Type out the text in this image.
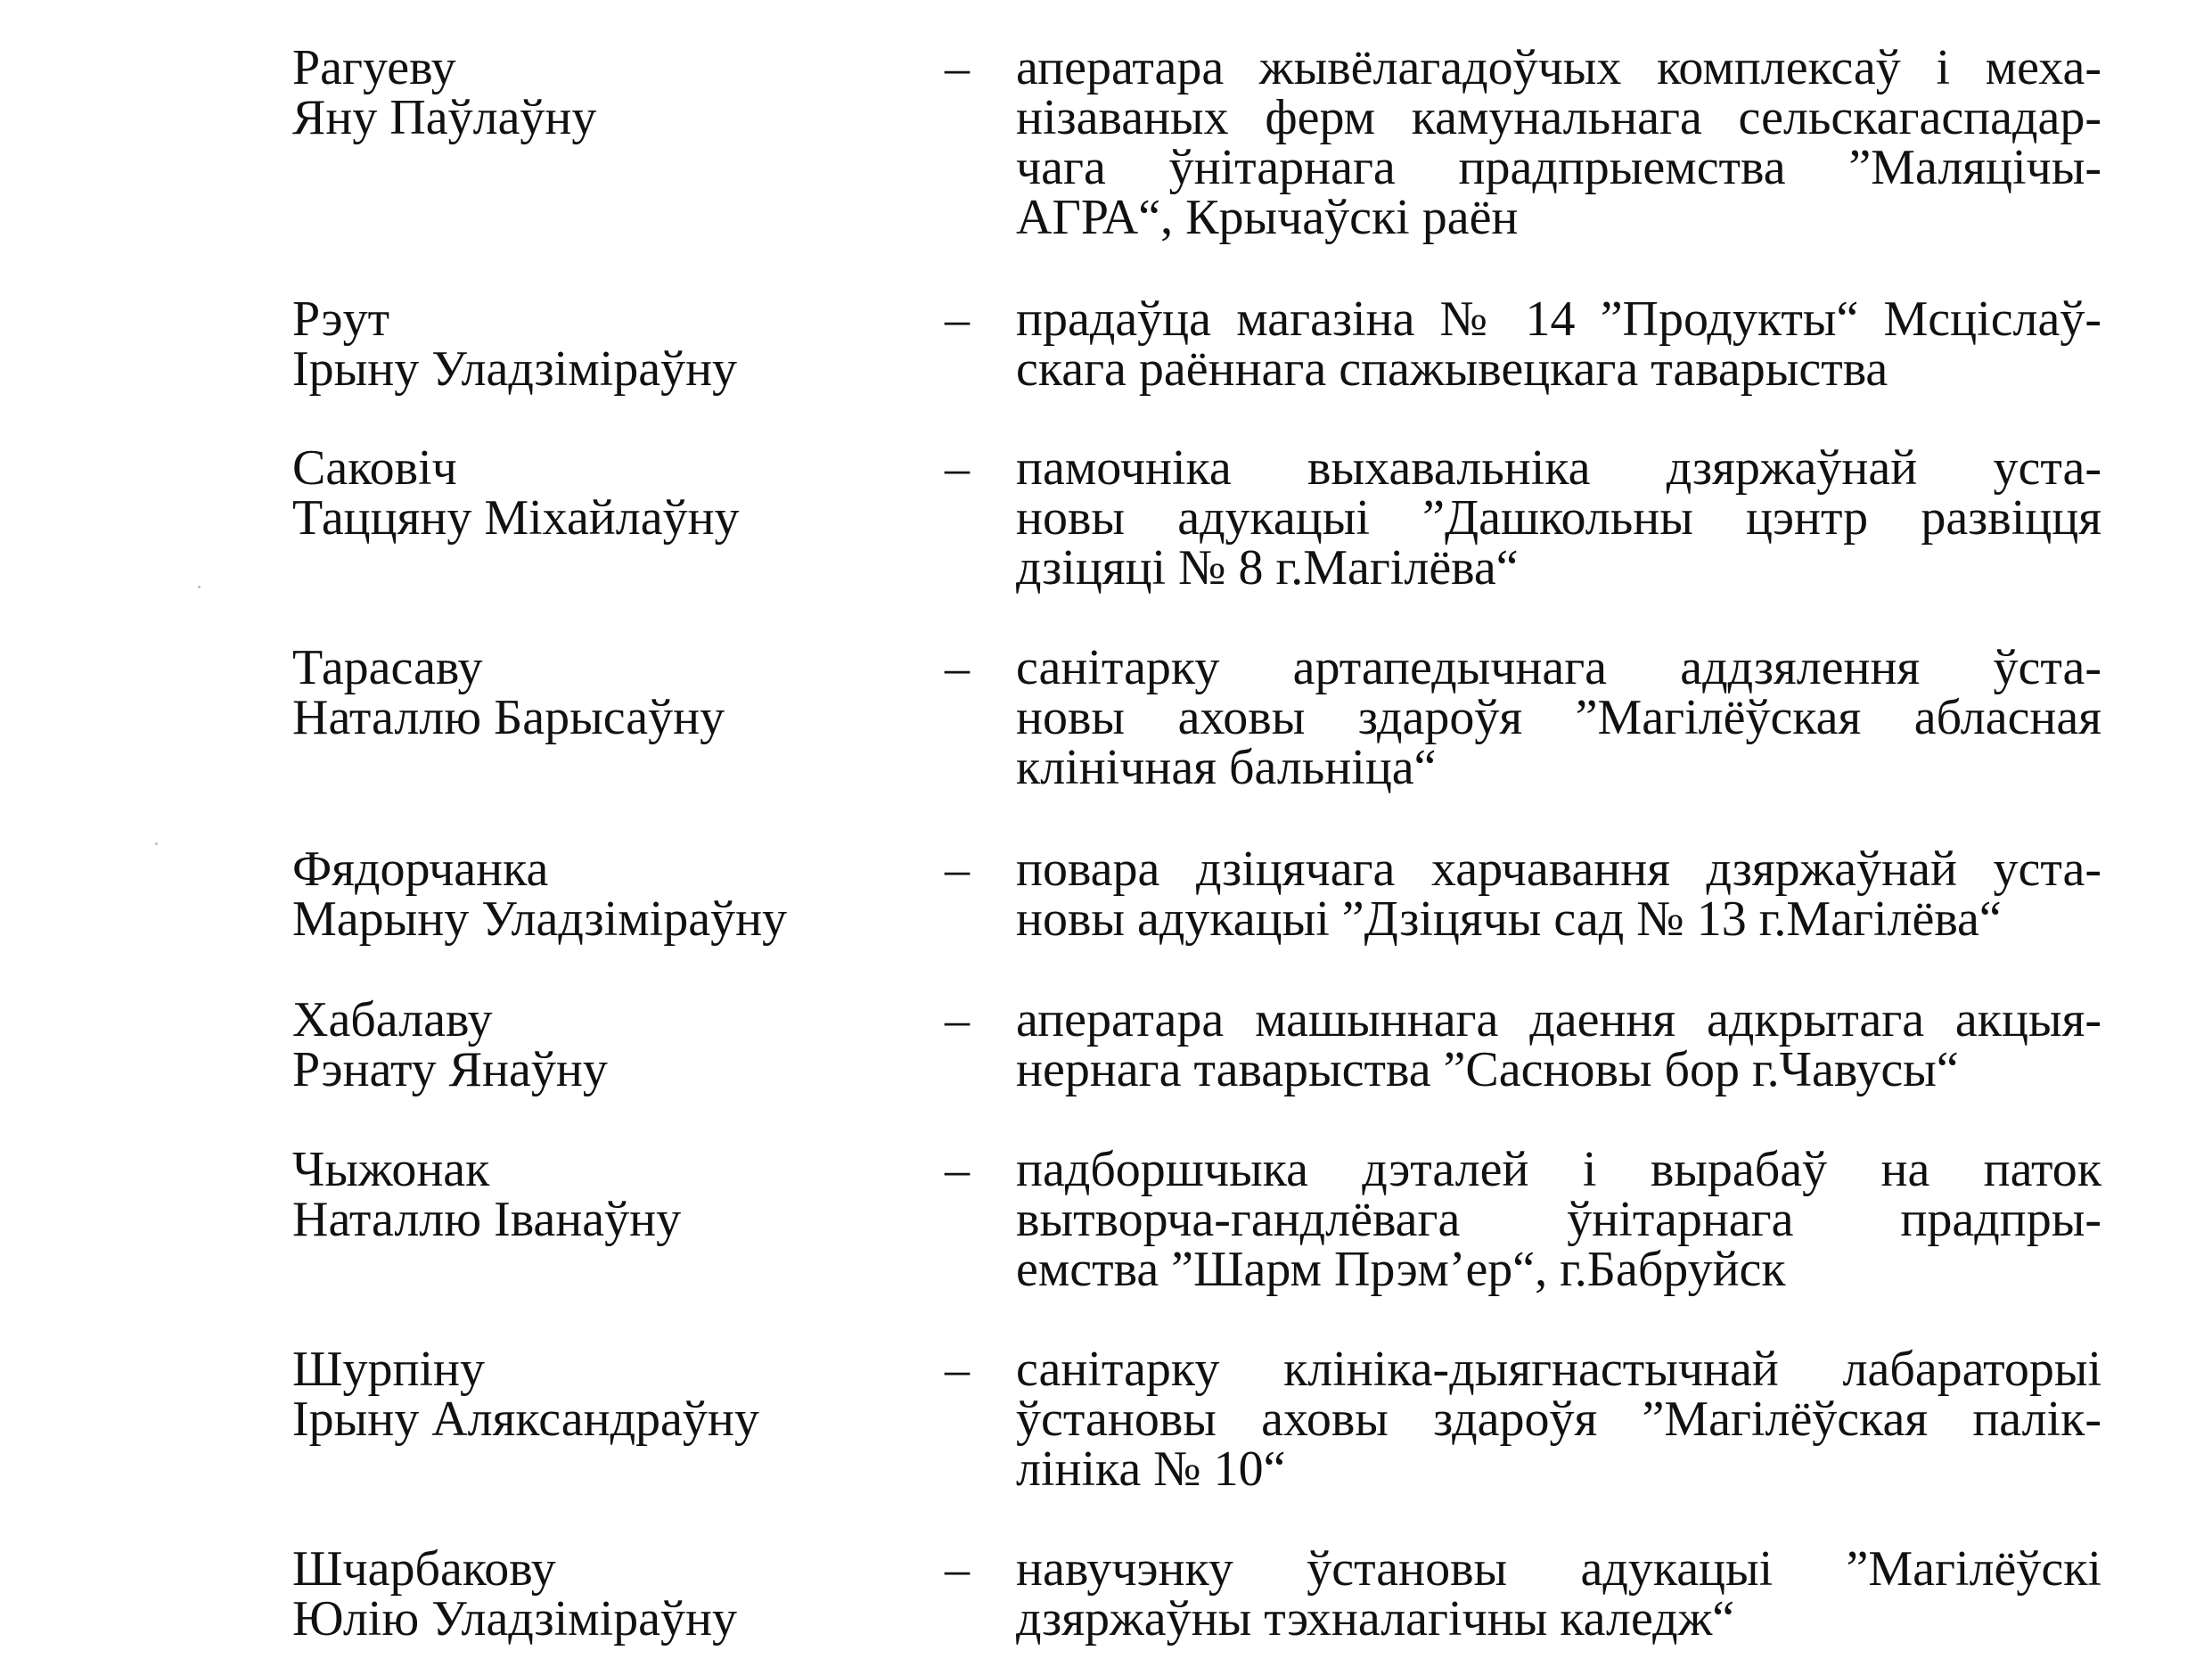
Рагуеву
Яну Паўлаўну
– аператара жывёлагадоўчых комплексаў і меха-
нізаваных ферм камунальнага сельскагаспадар-
чага ўнітарнага прадпрыемства ”Маляцічы-
АГРА“, Крычаўскі раён
Рэут
Ірыну Уладзіміраўну
– прадаўца магазіна № 14 ”Продукты“ Мсціслаў-
скага раённага спажывецкага таварыства
Саковіч
Таццяну Міхайлаўну
– памочніка выхавальніка дзяржаўнай уста-
новы адукацыі ”Дашкольны цэнтр развіцця
дзіцяці № 8 г.Магілёва“
Тарасаву
Наталлю Барысаўну
– санітарку артапедычнага аддзялення ўста-
новы аховы здароўя ”Магілёўская абласная
клінічная бальніца“
Фядорчанка
Марыну Уладзіміраўну
– повара дзіцячага харчавання дзяржаўнай уста-
новы адукацыі ”Дзіцячы сад № 13 г.Магілёва“
Хабалаву
Рэнату Янаўну
– аператара машыннага даення адкрытага акцыя-
нернага таварыства ”Сасновы бор г.Чавусы“
Чыжонак
Наталлю Іванаўну
– падборшчыка дэталей і вырабаў на паток
вытворча-гандлёвага ўнітарнага прадпры-
емства ”Шарм Прэм’ер“, г.Бабруйск
Шурпіну
Ірыну Аляксандраўну
– санітарку клініка-дыягнастычнай лабараторыі
ўстановы аховы здароўя ”Магілёўская палік-
лініка № 10“
Шчарбакову
Юлію Уладзіміраўну
– навучэнку ўстановы адукацыі ”Магілёўскі
дзяржаўны тэхналагічны каледж“
